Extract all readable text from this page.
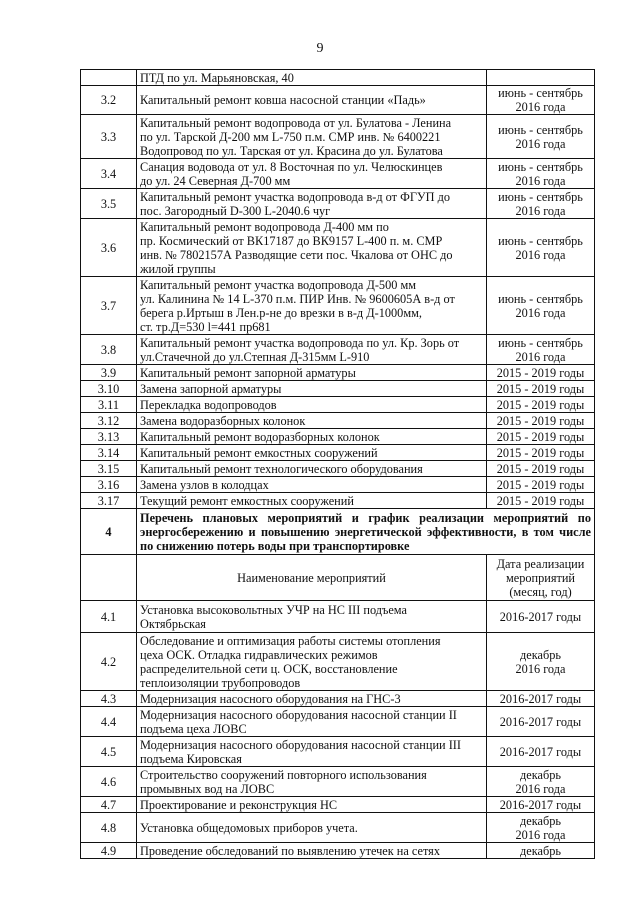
9
	ПТД по ул. Марьяновская, 40	
3.2	Капитальный ремонт ковша насосной станции «Падь»	июнь - сентябрь
2016 года
3.3	Капитальный ремонт водопровода от ул. Булатова - Ленина
по ул. Тарской Д-200 мм L-750 п.м. СМР инв. № 6400221
Водопровод по ул. Тарская от ул. Красина до ул. Булатова	июнь - сентябрь
2016 года
3.4	Санация водовода от ул. 8 Восточная по ул. Челюскинцев
до ул. 24 Северная Д-700 мм	июнь - сентябрь
2016 года
3.5	Капитальный ремонт участка водопровода в-д от ФГУП до
пос. Загородный D-300 L-2040.6 чуг	июнь - сентябрь
2016 года
3.6	Капитальный ремонт водопровода Д-400 мм по
пр. Космический от ВК17187 до ВК9157 L-400 п. м. СМР
инв. № 7802157А Разводящие сети пос. Чкалова от ОНС до
жилой группы	июнь - сентябрь
2016 года
3.7	Капитальный ремонт участка водопровода Д-500 мм
ул. Калинина № 14 L-370 п.м. ПИР Инв. № 9600605А в-д от
берега р.Иртыш в Лен.р-не до врезки в в-д Д-1000мм,
ст. тр.Д=530 l=441 пр681	июнь - сентябрь
2016 года
3.8	Капитальный ремонт участка водопровода по ул. Кр. Зорь от
ул.Стачечной до ул.Степная Д-315мм L-910	июнь - сентябрь
2016 года
3.9	Капитальный ремонт запорной арматуры	2015 - 2019 годы
3.10	Замена запорной арматуры	2015 - 2019 годы
3.11	Перекладка водопроводов	2015 - 2019 годы
3.12	Замена водоразборных колонок	2015 - 2019 годы
3.13	Капитальный ремонт водоразборных колонок	2015 - 2019 годы
3.14	Капитальный ремонт емкостных сооружений	2015 - 2019 годы
3.15	Капитальный ремонт технологического оборудования	2015 - 2019 годы
3.16	Замена узлов в колодцах	2015 - 2019 годы
3.17	Текущий ремонт емкостных сооружений	2015 - 2019 годы
4	Перечень плановых мероприятий и график реализации мероприятий по энергосбережению и повышению энергетической эффективности, в том числе по снижению потерь воды при транспортировке	
	Наименование мероприятий	Дата реализации
мероприятий
(месяц, год)
4.1	Установка высоковольтных УЧР на НС III подъема
Октябрьская	2016-2017 годы
4.2	Обследование и оптимизация работы системы отопления
цеха ОСК. Отладка гидравлических режимов
распределительной сети ц. ОСК, восстановление
теплоизоляции трубопроводов	декабрь
2016 года
4.3	Модернизация насосного оборудования на ГНС-3	2016-2017 годы
4.4	Модернизация насосного оборудования насосной станции II
подъема цеха ЛОВС	2016-2017 годы
4.5	Модернизация насосного оборудования насосной станции III
подъема Кировская	2016-2017 годы
4.6	Строительство сооружений повторного использования
промывных вод на ЛОВС	декабрь
2016 года
4.7	Проектирование и реконструкция НС	2016-2017 годы
4.8	Установка общедомовых приборов учета.	декабрь
2016 года
4.9	Проведение обследований по выявлению утечек на сетях	декабрь
